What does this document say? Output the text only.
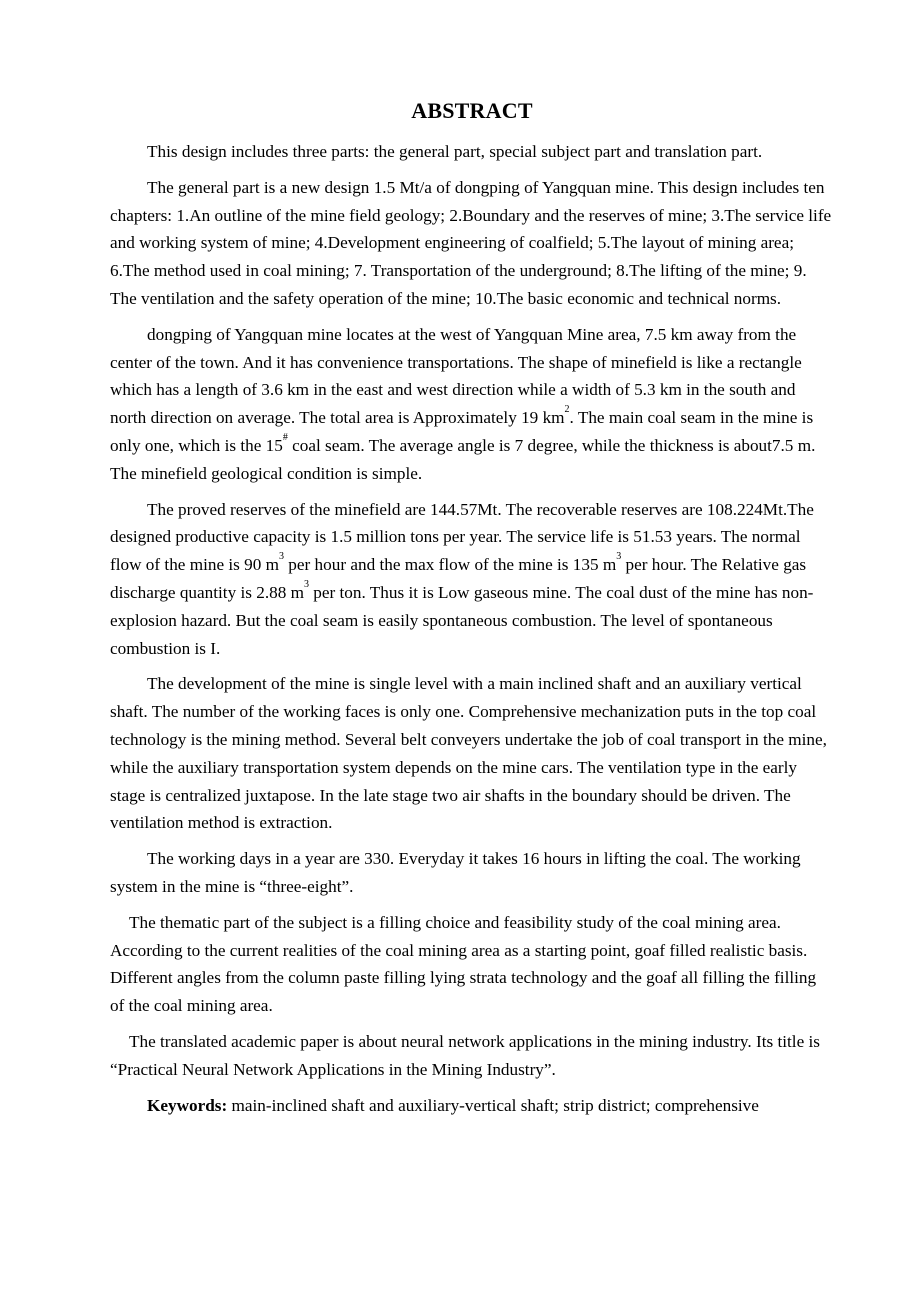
ABSTRACT

This design includes three parts: the general part, special subject part and translation part.

The general part is a new design 1.5 Mt/a of dongping of Yangquan mine. This design includes ten chapters: 1.An outline of the mine field geology; 2.Boundary and the reserves of mine; 3.The service life and working system of mine; 4.Development engineering of coalfield; 5.The layout of mining area; 6.The method used in coal mining; 7. Transportation of the underground; 8.The lifting of the mine; 9. The ventilation and the safety operation of the mine; 10.The basic economic and technical norms.

dongping of Yangquan mine locates at the west of Yangquan Mine area, 7.5 km away from the center of the town. And it has convenience transportations. The shape of minefield is like a rectangle which has a length of 3.6 km in the east and west direction while a width of 5.3 km in the south and north direction on average. The total area is Approximately 19 $km^2$. The main coal seam in the mine is only one, which is the 15# coal seam. The average angle is 7 degree, while the thickness is about7.5 m. The minefield geological condition is simple.

The proved reserves of the minefield are 144.57Mt. The recoverable reserves are 108.224Mt.The designed productive capacity is 1.5 million tons per year. The service life is 51.53 years. The normal flow of the mine is 90 $m^3$ per hour and the max flow of the mine is 135 $m^3$ per hour. The Relative gas discharge quantity is 2.88 $m^3$ per ton. Thus it is Low gaseous mine. The coal dust of the mine has non-explosion hazard. But the coal seam is easily spontaneous combustion. The level of spontaneous combustion is I.

The development of the mine is single level with a main inclined shaft and an auxiliary vertical shaft. The number of the working faces is only one. Comprehensive mechanization puts in the top coal technology is the mining method. Several belt conveyers undertake the job of coal transport in the mine, while the auxiliary transportation system depends on the mine cars. The ventilation type in the early stage is centralized juxtapose. In the late stage two air shafts in the boundary should be driven. The ventilation method is extraction.

The working days in a year are 330. Everyday it takes 16 hours in lifting the coal. The working system in the mine is “three-eight”.

The thematic part of the subject is a filling choice and feasibility study of the coal mining area. According to the current realities of the coal mining area as a starting point, goaf filled realistic basis. Different angles from the column paste filling lying strata technology and the goaf all filling the filling of the coal mining area.

The translated academic paper is about neural network applications in the mining industry. Its title is “Practical Neural Network Applications in the Mining Industry”.

Keywords: main-inclined shaft and auxiliary-vertical shaft; strip district; comprehensive
